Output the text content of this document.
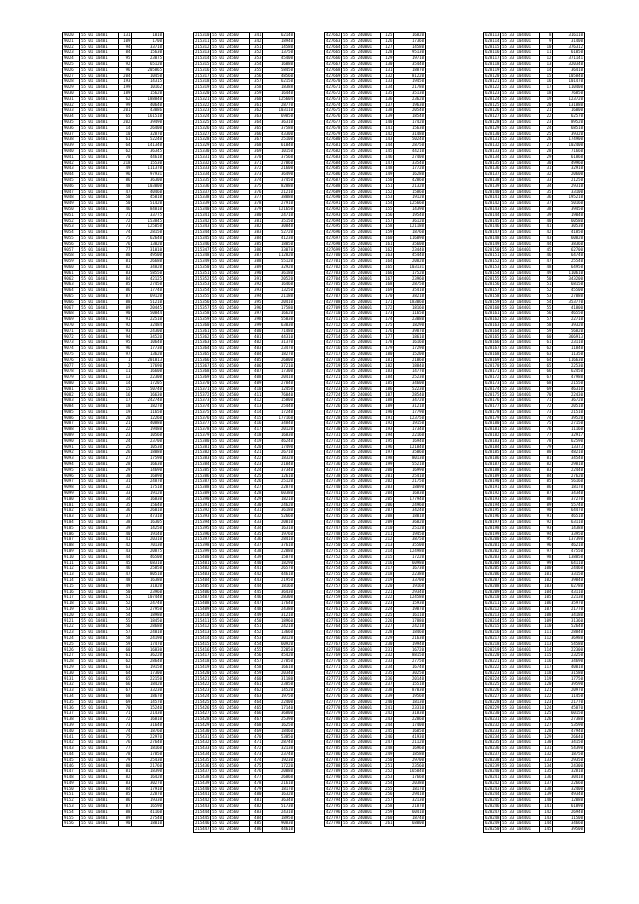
9020	55 01 10401	131	1010
9021	55 01 10401	109	1700
9022	55 01 10401	94	33710
9023	55 01 10401	84	15630
9024	55 01 10401	95	23075
9025	55 01 10401	92	65120
9026	55 01 10401	96	205865
9027	55 01 10401	204	10450
9028	55 01 10401	193	14315
9029	55 01 10401	199	10162
9030	55 01 10401	189	15620
9031	55 01 10401	62	188840
9032	55 01 10401	99	40640
9033	55 01 10401	201	43086
9034	55 01 10401	65	161510
9035	55 01 10401	202	39490
9036	55 01 10401	14	26400
9037	55 01 10401	10	32870
9038	55 01 10401	61	52240
9039	55 01 10401	64	141340
9040	55 01 10401	62	36345
9041	55 01 10401	70	44610
9042	55 01 10401	218	15530
9043	55 01 10401	49	111370
9044	55 01 10401	96	97931
9045	55 01 10401	86	36300
9046	55 01 10401	48	103000
9047	55 01 10401	47	40460
9048	55 01 10401	50	45010
9049	55 01 10401	50	51420
9050	55 01 10401	46	84810
9051	55 01 10401	71	33775
9052	55 01 10401	72	153845
9053	55 01 10401	73	125050
9054	55 01 10401	74	28150
9055	55 01 10401	75	62640
9056	55 01 10401	76	13020
9057	55 01 10401	77	31010
9058	55 01 10401	80	49500
9059	55 01 10401	81	26680
9060	55 01 10401	82	34820
9061	55 01 10401	83	58550
9062	55 01 10401	84	42125
9063	55 01 10401	85	27450
9064	55 01 10401	86	17740
9065	55 01 10401	87	69120
9066	55 01 10401	88	51210
9067	55 01 10401	89	20445
9068	55 01 10401	90	50844
9069	55 01 10401	91	22510
9070	55 01 10401	92	32484
9071	55 01 10401	93	24300
9072	55 01 10401	94	34520
9073	55 01 10401	95	10640
9074	55 01 10401	96	17730
9075	55 01 10401	97	13620
9076	55 01 10401	1	201013
9077	55 01 10401	2	17690
9078	55 01 10401	11	16600
9079	55 01 10401	13	22300
9080	55 01 10401	14	17205
9081	55 01 10401	15	50740
9082	55 01 10401	16	16630
9083	55 01 10401	17	242740
9084	55 01 10401	18	18270
9085	55 01 10401	19	11650
9086	55 01 10401	20	12260
9087	55 01 10401	21	40880
9088	55 01 10401	22	19480
9089	55 01 10401	23	10560
9090	55 01 10401	24	23700
9091	55 01 10401	25	10530
9092	55 01 10401	26	18080
9093	55 01 10401	27	17590
9094	55 01 10401	28	16630
9095	55 01 10401	29	14690
9096	55 01 10401	30	16890
9097	55 01 10401	31	24870
9098	55 01 10401	32	17510
9099	55 01 10401	33	19120
9100	55 01 10401	34	16830
9101	55 01 10401	35	15640
9102	55 01 10401	36	26010
9103	55 01 10401	37	47310
9104	55 01 10401	38	16305
9105	55 01 10401	39	14250
9106	55 01 10401	40	19140
9107	55 01 10401	41	20310
9108	55 01 10401	42	70130
9109	55 01 10401	43	20875
9110	55 01 10401	44	46500
9111	55 01 10401	45	68310
9112	55 01 10401	46	25850
9113	55 01 10401	47	80510
9114	55 01 10401	48	16380
9115	55 01 10401	49	31820
9116	55 01 10401	50	23960
9117	55 01 10401	51	107440
9118	55 01 10401	52	24740
9119	55 01 10401	53	27950
9120	55 01 10401	54	18980
9121	55 01 10401	55	18450
9122	55 01 10401	56	28680
9123	55 01 10401	57	24010
9124	55 01 10401	58	24190
9125	55 01 10401	59	17470
9126	55 01 10401	60	16830
9127	55 01 10401	61	36220
9128	55 01 10401	62	28640
9129	55 01 10401	63	19150
9130	55 01 10401	64	17300
9131	55 01 10401	65	22150
9132	55 01 10401	66	18420
9133	55 01 10401	67	33230
9134	55 01 10401	68	18670
9135	55 01 10401	69	14570
9136	55 01 10401	70	15240
9137	55 01 10401	71	21430
9138	55 01 10401	72	16810
9139	55 01 10401	73	31640
9140	55 01 10401	74	18760
9141	55 01 10401	75	22970
9142	55 01 10401	76	27640
9143	55 01 10401	77	18160
9144	55 01 10401	78	17850
9145	55 01 10401	79	25430
9146	55 01 10401	80	21760
9147	55 01 10401	81	18390
9148	55 01 10401	82	16420
9149	55 01 10401	83	30270
9150	55 01 10401	84	17910
9151	55 01 10401	85	22870
9152	55 01 10401	86	19330
9153	55 01 10401	87	16590
9154	55 01 10401	88	41160
9155	55 01 10401	89	27540
9156	55 01 10401	90	18010
215310	55 01 24560	341	62140
215311	55 01 24560	342	18940
215312	55 01 24560	351	14580
215313	55 01 24560	352	13750
215314	55 01 24560	353	45400
215315	55 01 24560	354	16080
215316	55 01 24560	355	58450
215317	55 01 24560	356	48560
215318	55 01 24560	357	62150
215319	55 01 24560	358	18388
215320	55 01 24560	359	16440
215321	55 01 24560	360	125604
215322	55 01 24560	361	28770
215323	55 01 24560	362	103110
215324	55 01 24560	363	69850
215325	55 01 24560	364	36310
215326	55 01 24560	365	37580
215327	55 01 24560	366	43300
215328	55 01 24560	367	25100
215329	55 01 24560	368	61040
215330	55 01 24560	369	10150
215331	55 01 24560	370	37560
215332	55 01 24560	371	27060
215333	55 01 24560	372	21600
215334	55 01 24560	373	36490
215335	55 01 24560	374	37450
215336	55 01 24560	375	82880
215337	55 01 24560	376	21210
215338	55 01 24560	377	38080
215339	55 01 24560	378	27910
215340	55 01 24560	379	121650
215341	55 01 24560	380	24710
215342	55 01 24560	381	35150
215343	55 01 24560	382	30840
215344	55 01 24560	383	52720
215345	55 01 24560	384	41230
215346	55 01 24560	385	18050
215347	55 01 24560	386	33070
215348	55 01 24560	387	112820
215349	55 01 24560	388	55120
215350	55 01 24560	389	32920
215351	55 01 24560	390	36180
215352	55 01 24560	391	20520
215353	55 01 24560	392	16460
215354	55 01 24560	393	13250
215355	55 01 24560	394	21180
215356	55 01 24560	395	20410
215357	55 01 24560	396	17580
215358	55 01 24560	397	16620
215359	55 01 24560	398	55030
215360	55 01 24560	399	63030
215361	55 01 24560	400	71480
215362	55 01 24560	401	44310
215363	55 01 24560	402	31370
215364	55 01 24560	403	23470
215365	55 01 24560	404	18270
215366	55 01 24560	405	26800
215367	55 01 24560	406	37210
215368	55 01 24560	407	17300
215369	55 01 24560	408	20410
215370	55 01 24560	409	27040
215371	55 01 24560	410	12450
215372	55 01 24560	411	76040
215373	55 01 24560	412	15800
215374	55 01 24560	413	25440
215375	55 01 24560	414	17240
215376	55 01 24560	415	177160
215377	55 01 24560	416	34840
215378	55 01 24560	417	20120
215379	55 01 24560	418	16830
215380	55 01 24560	419	46240
215381	55 01 24560	420	17490
215382	55 01 24560	421	26710
215383	55 01 24560	422	18320
215384	55 01 24560	423	21040
215385	55 01 24560	424	37340
215386	55 01 24560	425	12610
215387	55 01 24560	426	25120
215388	55 01 24560	427	22870
215389	55 01 24560	428	60380
215390	55 01 24560	429	18210
215391	55 01 24560	430	24620
215392	55 01 24560	431	36180
215393	55 01 24560	432	52660
215394	55 01 24560	433	20010
215395	55 01 24560	434	16310
215396	55 01 24560	435	19760
215397	55 01 24560	436	28410
215398	55 01 24560	437	37610
215399	55 01 24560	438	22080
215400	55 01 24560	439	15870
215401	55 01 24560	440	18290
215402	55 01 24560	441	26570
215403	55 01 24560	442	44610
215404	55 01 24560	443	21950
215405	55 01 24560	444	18160
215406	55 01 24560	445	36430
215407	55 01 24560	446	28300
215408	55 01 24560	447	17640
215409	55 01 24560	448	24380
215410	55 01 24560	449	31210
215411	55 01 24560	450	18960
215412	55 01 24560	451	24210
215413	55 01 24560	452	13660
215414	55 01 24560	453	30120
215415	55 01 24560	454	60920
215416	55 01 24560	455	22050
215417	55 01 24560	456	45420
215418	55 01 24560	457	27050
215419	55 01 24560	458	16610
215420	55 01 24560	459	20340
215421	55 01 24560	460	31180
215422	55 01 24560	461	23850
215423	55 01 24560	462	14520
215424	55 01 24560	463	19750
215425	55 01 24560	464	22400
215426	55 01 24560	465	17140
215427	55 01 24560	466	36800
215428	55 01 24560	467	25390
215429	55 01 24560	468	16250
215430	55 01 24560	469	18460
215431	55 01 24560	470	53850
215432	55 01 24560	471	28740
215433	55 01 24560	472	32130
215434	55 01 24560	473	23740
215435	55 01 24560	474	19230
215436	55 01 24560	475	17220
215437	55 01 24560	476	20080
215438	55 01 24560	477	26860
215439	55 01 24560	478	21610
215440	55 01 24560	479	18170
215441	55 01 24560	480	16320
215442	55 01 24560	481	36340
215443	55 01 24560	482	51730
215444	55 01 24560	483	24310
215445	55 01 24560	484	18950
215446	55 01 24560	485	90830
215447	55 01 24560	486	44610
427662	55 35 240001	125	16820
427663	55 35 240001	126	17360
427664	55 35 240001	127	14580
427665	55 35 240001	128	95130
427666	55 35 240001	129	19710
427667	55 35 240001	130	35440
427668	55 35 240001	131	18870
427669	55 35 240001	132	81220
427670	55 35 240001	133	19450
427671	55 35 240001	134	21780
427672	55 35 240001	135	35130
427673	55 35 240001	136	23620
427674	55 35 240001	137	19630
427675	55 35 240001	138	20540
427676	55 35 240001	139	18540
427677	55 35 240001	140	17420
427678	55 35 240001	141	15630
427679	55 35 240001	142	31480
427680	55 35 240001	143	50240
427681	55 35 240001	144	28750
427682	55 35 240001	145	44210
427683	55 35 240001	146	27400
427684	55 35 240001	147	33540
427685	55 35 240001	148	17720
427686	55 35 240001	149	16280
427687	55 35 240001	150	42860
427688	55 35 240001	151	21320
427689	55 35 240001	152	15860
427690	55 35 240001	153	19120
427691	55 35 240001	154	125660
427692	55 35 240001	155	14390
427693	55 35 240001	156	19540
427694	55 35 240001	157	36120
427695	55 35 240001	158	121180
427696	55 35 240001	159	18760
427697	55 35 240001	160	116090
427698	55 35 240001	161	35600
427699	55 35 240001	162	23440
427700	55 35 240001	163	45440
427701	55 35 240001	164	20820
427702	55 35 240001	165	103131
427703	55 35 240001	166	17520
427704	55 35 240001	167	23960
427705	55 35 240001	168	28750
427706	55 35 240001	169	35410
427707	55 35 240001	170	38210
427708	55 35 240001	171	183060
427709	55 35 240001	172	18160
427710	55 35 240001	173	11650
427711	55 35 240001	174	23080
427712	55 35 240001	175	18290
427713	55 35 240001	176	39870
427714	55 35 240001	177	18610
427715	55 35 240001	178	16160
427716	55 35 240001	179	17290
427717	55 35 240001	180	15200
427718	55 35 240001	181	21060
427719	55 35 240001	182	18840
427720	55 35 240001	183	14770
427721	55 35 240001	184	25230
427722	55 35 240001	185	34600
427723	55 35 240001	186	52230
427724	55 35 240001	187	28540
427725	55 35 240001	188	34720
427726	55 35 240001	189	31210
427727	55 35 240001	190	17790
427728	55 35 240001	191	123750
427729	55 35 240001	192	19150
427730	55 35 240001	193	17340
427731	55 35 240001	194	22160
427732	55 35 240001	195	16940
427733	55 35 240001	196	121840
427734	55 35 240001	197	35060
427735	55 35 240001	198	80130
427736	55 35 240001	199	55210
427737	55 35 240001	200	16990
427738	55 35 240001	201	25410
427739	55 35 240001	202	21750
427740	55 35 240001	203	18090
427741	55 35 240001	204	16830
427742	55 35 240001	205	177940
427743	55 35 240001	206	24960
427744	55 35 240001	207	34240
427745	55 35 240001	208	18010
427746	55 35 240001	209	36020
427747	55 35 240001	210	25120
427748	55 35 240001	211	19450
427749	55 35 240001	212	38750
427750	55 35 240001	213	35500
427751	55 35 240001	214	124980
427752	55 35 240001	215	17220
427753	55 35 240001	216	60980
427754	55 35 240001	217	16730
427755	55 35 240001	218	22380
427756	55 35 240001	219	33700
427757	55 35 240001	220	19160
427758	55 35 240001	221	29340
427759	55 35 240001	222	124580
427760	55 35 240001	223	15930
427761	55 35 240001	224	19870
427762	55 35 240001	225	16110
427763	55 35 240001	226	17880
427764	55 35 240001	227	24210
427765	55 35 240001	228	18460
427766	55 35 240001	229	21630
427767	55 35 240001	230	19940
427768	55 35 240001	231	16720
427769	55 35 240001	232	88150
427770	55 35 240001	233	27750
427771	55 35 240001	234	16740
427772	55 35 240001	235	30250
427773	55 35 240001	236	20140
427774	55 35 240001	237	15510
427775	55 35 240001	238	87030
427776	55 35 240001	239	19560
427777	55 35 240001	240	18130
427778	55 35 240001	241	23310
427779	55 35 240001	242	31830
427780	55 35 240001	243	22860
427781	55 35 240001	244	17400
427782	55 35 240001	245	16050
427783	55 35 240001	246	41930
427784	55 35 240001	247	21120
427785	55 35 240001	248	16960
427786	55 35 240001	249	18580
427787	55 35 240001	250	29700
427788	55 35 240001	251	23560
427789	55 35 240001	252	165040
427790	55 35 240001	253	17660
427791	55 35 240001	254	20380
427792	55 35 240001	255	18170
427793	55 35 240001	256	29410
427794	55 35 240001	257	32130
427795	55 35 240001	258	21870
427796	55 35 240001	259	60410
427797	55 35 240001	260	18740
427798	55 35 240001	261	68000
628113	55 33 104401	8	316110
628114	55 33 104401	9	31400
628115	55 33 104401	10	376312
628116	55 33 104401	11	61050
628117	55 33 104401	12	371141
628118	55 33 104401	13	320340
628119	55 33 104401	14	36410
628120	55 33 104401	15	105840
628121	55 33 104401	16	101470
628122	55 33 104401	17	110400
628123	55 33 104401	18	76850
628124	55 33 104401	19	123720
628125	55 33 104401	20	131880
628126	55 33 104401	21	16000
628127	55 33 104401	22	62570
628128	55 33 104401	23	89520
628129	55 33 104401	24	68510
628130	55 33 104401	25	39320
628131	55 33 104401	26	174900
628132	55 33 104401	27	102400
628133	55 33 104401	28	71660
628134	55 33 104401	29	61860
628135	55 33 104401	30	49960
628136	55 33 104401	31	32910
628137	55 33 104401	32	20600
628138	55 33 104401	33	21250
628139	55 33 104401	34	29310
628140	55 33 104401	35	33100
628141	55 33 104401	36	195210
628142	55 33 104401	37	50160
628143	55 33 104401	38	39450
628144	55 33 104401	39	19040
628145	55 33 104401	40	60580
628146	55 33 104401	41	30530
628147	55 33 104401	42	41850
628148	55 33 104401	43	60820
628149	55 33 104401	44	38360
628150	55 33 104401	45	62700
628151	55 33 104401	46	64740
628152	55 33 104401	47	25540
628153	55 33 104401	48	64950
628154	55 33 104401	49	110610
628155	55 33 104401	50	343200
628156	55 33 104401	51	68150
628157	55 33 104401	52	45500
628158	55 33 104401	53	27080
628159	55 33 104401	54	353770
628160	55 33 104401	55	41800
628161	55 33 104401	56	46550
628162	55 33 104401	57	22710
628163	55 33 104401	58	39320
628164	55 33 104401	59	56820
628165	55 33 104401	60	366913
628166	55 33 104401	61	23110
628167	55 33 104401	62	11840
628168	55 33 104401	63	11350
628169	55 33 104401	64	116630
628170	55 33 104401	65	22530
628171	55 33 104401	66	62450
628172	55 33 104401	67	47980
628173	55 33 104401	68	21550
628174	55 33 104401	69	46310
628175	55 33 104401	70	22430
628176	55 33 104401	71	36720
628177	55 33 104401	72	20510
628178	55 33 104401	73	21510
628179	55 33 104401	74	39520
628180	55 33 104401	75	27150
628181	55 33 104401	76	11160
628182	55 33 104401	77	32917
628183	55 33 104401	78	62590
628184	55 33 104401	79	13373
628185	55 33 104401	80	48210
628186	55 33 104401	81	34540
628187	55 33 104401	82	29810
628188	55 33 104401	83	22440
628189	55 33 104401	84	27620
628190	55 33 104401	85	56160
628191	55 33 104401	86	18170
628192	55 33 104401	87	34340
628193	55 33 104401	88	37270
628194	55 33 104401	89	55740
628195	55 33 104401	90	64470
628196	55 33 104401	91	46510
628197	55 33 104401	92	63110
628198	55 33 104401	93	14388
628199	55 33 104401	94	33950
628200	55 33 104401	95	137398
628201	55 33 104401	96	46210
628202	55 33 104401	97	47550
628203	55 33 104401	98	138850
628204	55 33 104401	99	64110
628205	55 33 104401	100	24460
628206	55 33 104401	101	33150
628207	55 33 104401	102	39840
628208	55 33 104401	103	62780
628209	55 33 104401	104	43110
628210	55 33 104401	105	22130
628211	55 33 104401	106	35970
628212	55 33 104401	107	21770
628213	55 33 104401	108	34180
628214	55 33 104401	109	31360
628215	55 33 104401	110	52640
628216	55 33 104401	111	28840
628217	55 33 104401	112	36980
628218	55 33 104401	113	54580
628219	55 33 104401	114	22300
628220	55 33 104401	115	23250
628221	55 33 104401	116	34690
628222	55 33 104401	117	40010
628223	55 33 104401	118	31580
628224	55 33 104401	119	17750
628225	55 33 104401	120	39590
628226	55 33 104401	121	20970
628227	55 33 104401	122	11450
628228	55 33 104401	123	21770
628229	55 33 104401	124	45870
628230	55 33 104401	125	60150
628231	55 33 104401	126	27380
628232	55 33 104401	127	53590
628233	55 33 104401	128	47940
628234	55 33 104401	129	26640
628235	55 33 104401	130	34150
628236	55 33 104401	131	54390
628237	55 33 104401	132	18750
628238	55 33 104401	133	29350
628239	55 33 104401	134	24300
628240	55 33 104401	135	32810
628241	55 33 104401	136	30410
628242	55 33 104401	137	22660
628243	55 33 104401	138	32400
628244	55 33 104401	139	49340
628245	55 33 104401	140	12080
628246	55 33 104401	141	61090
628247	55 33 104401	142	26940
628248	55 33 104401	143	11500
628249	55 33 104401	144	34660
628250	55 33 104401	145	39500
